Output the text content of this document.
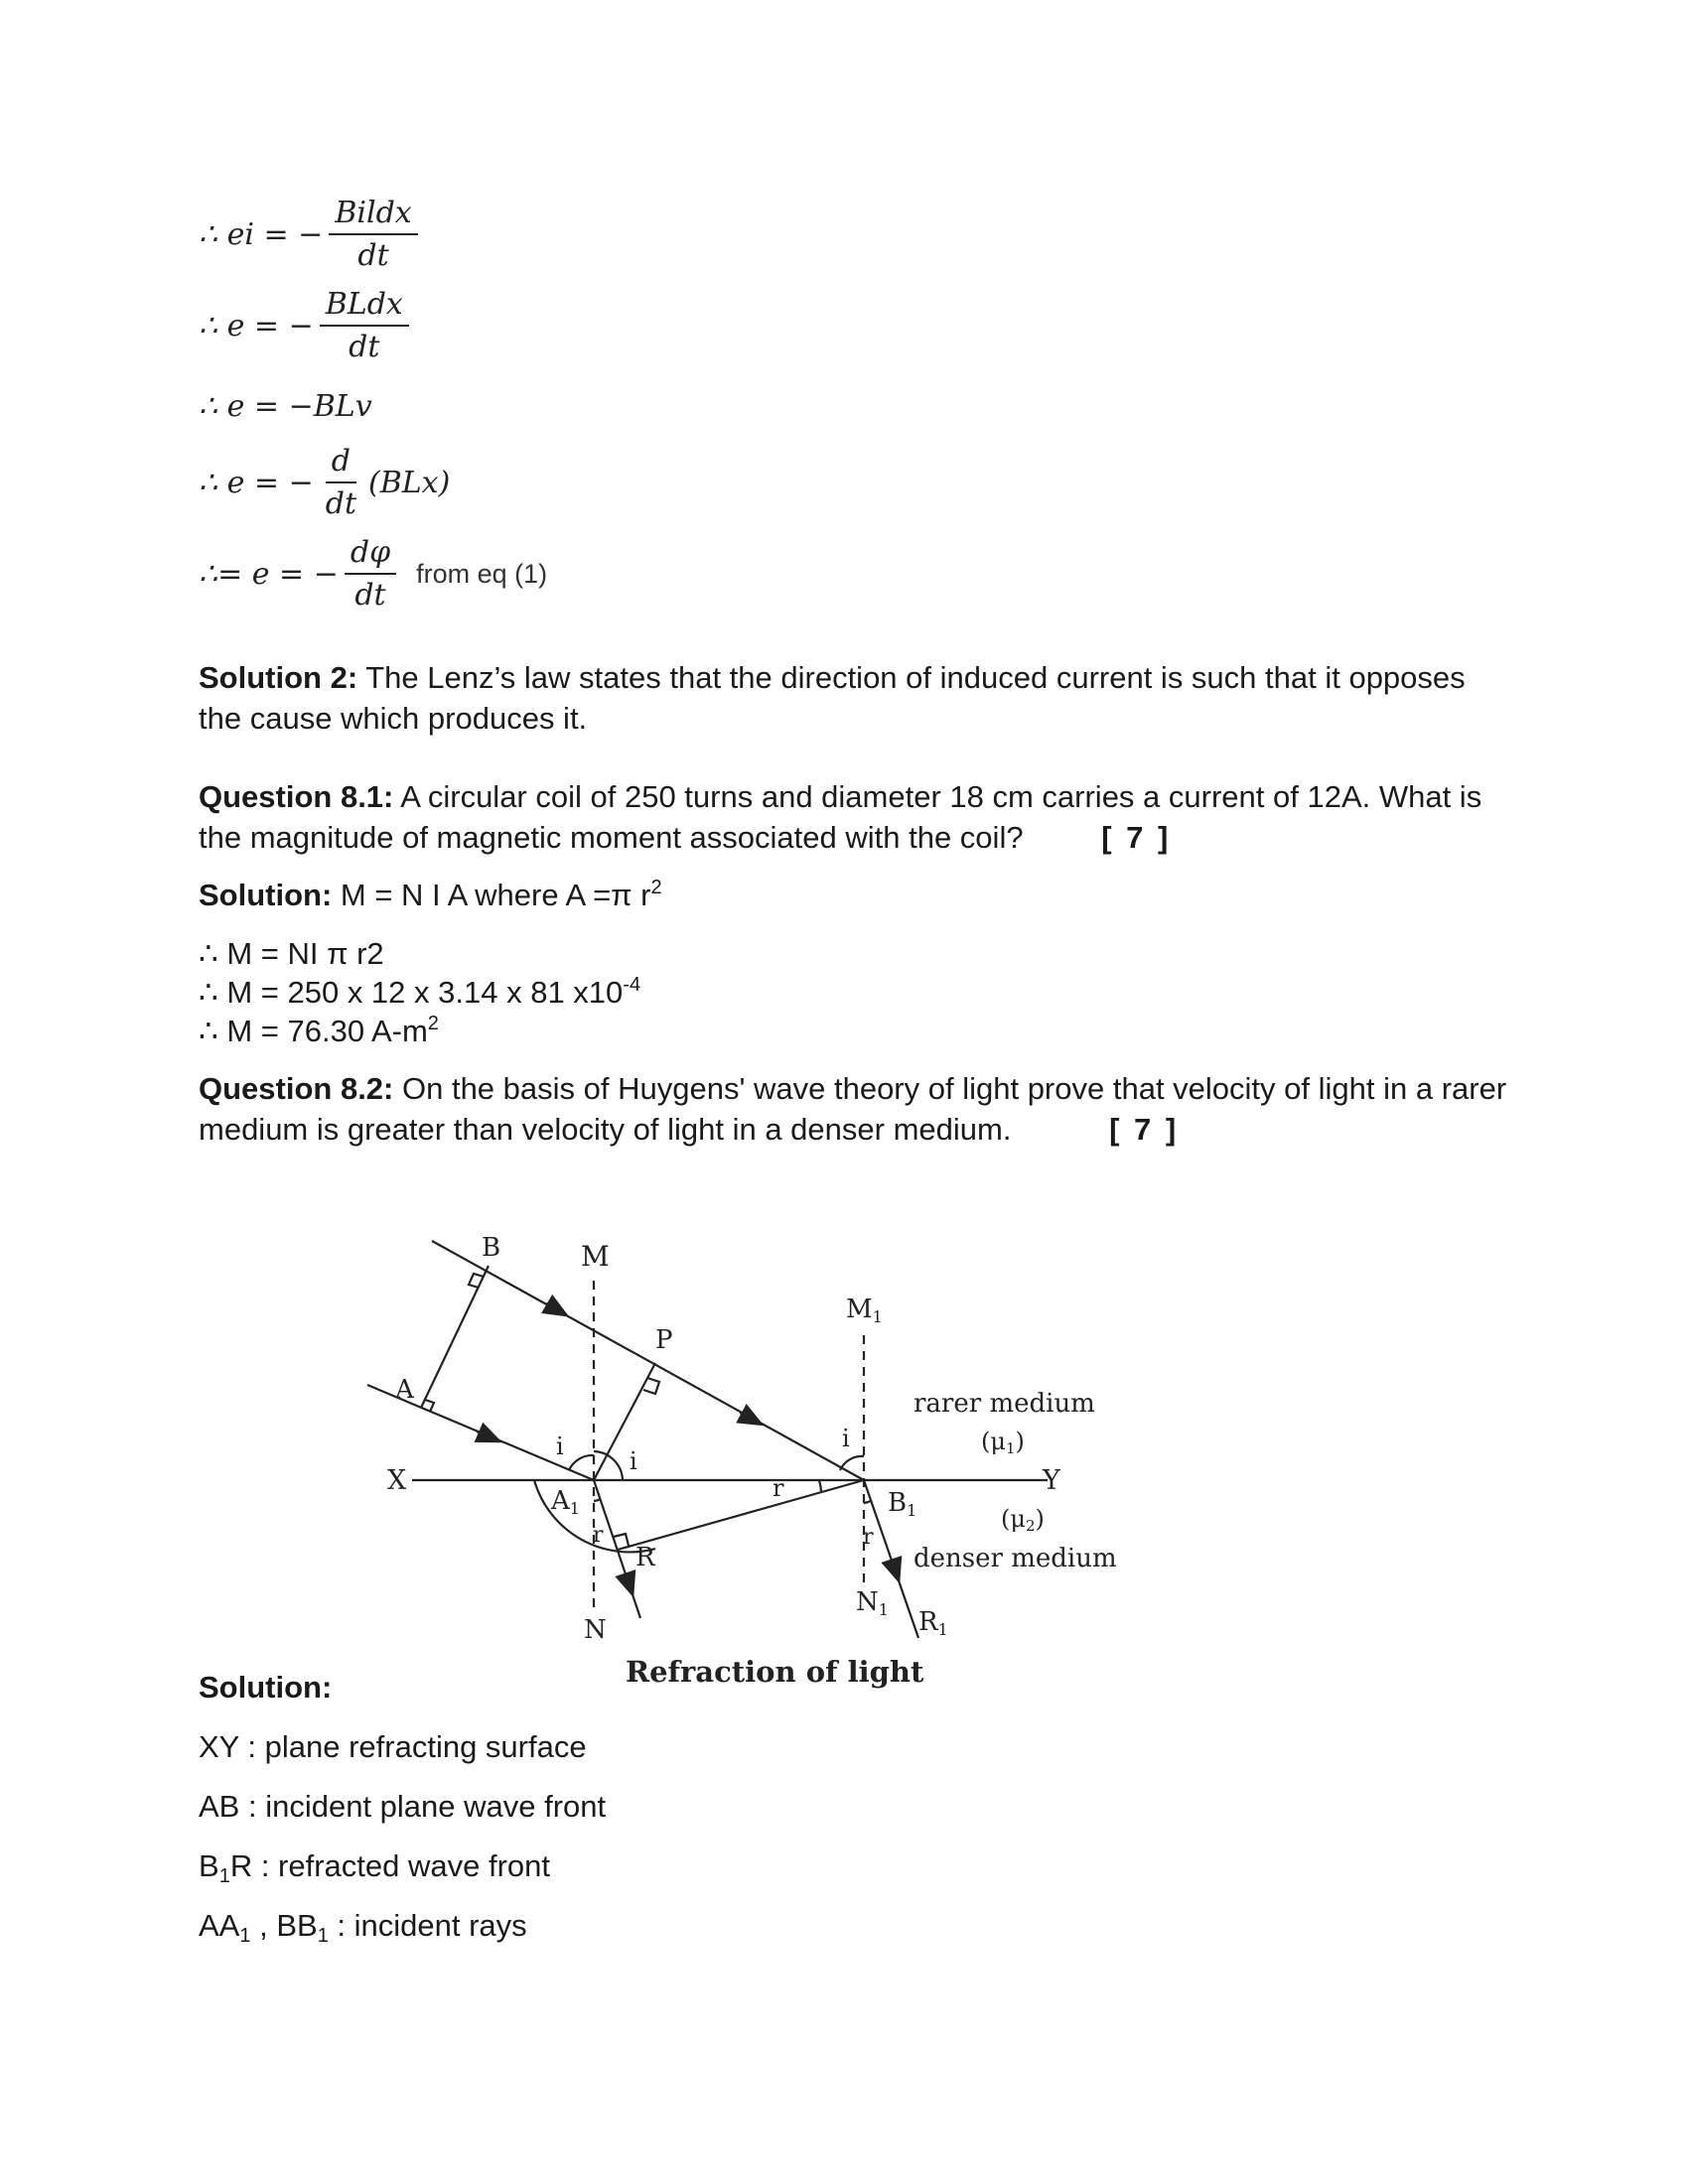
∴ ei = − $\frac{\text{Bildx}}{dt}$
∴ e = − $\frac{\text{BLdx}}{dt}$
∴ e = −BLv
∴ e = − $\frac{d}{dt} (BLx)$
∴= e = − $\frac{d\varphi}{dt}$ from eq (1)
Solution 2: The Lenz’s law states that the direction of induced current is such that it opposes the cause which produces it.
Question 8.1: A circular coil of 250 turns and diameter 18 cm carries a current of 12A. What is the magnitude of magnetic moment associated with the coil?	[ 7 ]
Solution: M = N I A where A =π $r^2$
∴ M = NI π r2
∴ M = 250 x 12 x 3.14 x 81 $x10^{-4}$
∴ M = 76.30 $A-m^2$
Question 8.2: On the basis of Huygens' wave theory of light prove that velocity of light in a rarer medium is greater than velocity of light in a denser medium.	[ 7 ]
B	M
P
M1
A
i
i
i
rarer medium
(μ1)
X	Y
A1
r	B1	(μ2)
r
R
r
denser medium
N
N1 R1
Refraction of light
Solution:
XY : plane refracting surface
AB : incident plane wave front
$B_1R$ : refracted wave front
$AA_1$ , $BB_1$ : incident rays
